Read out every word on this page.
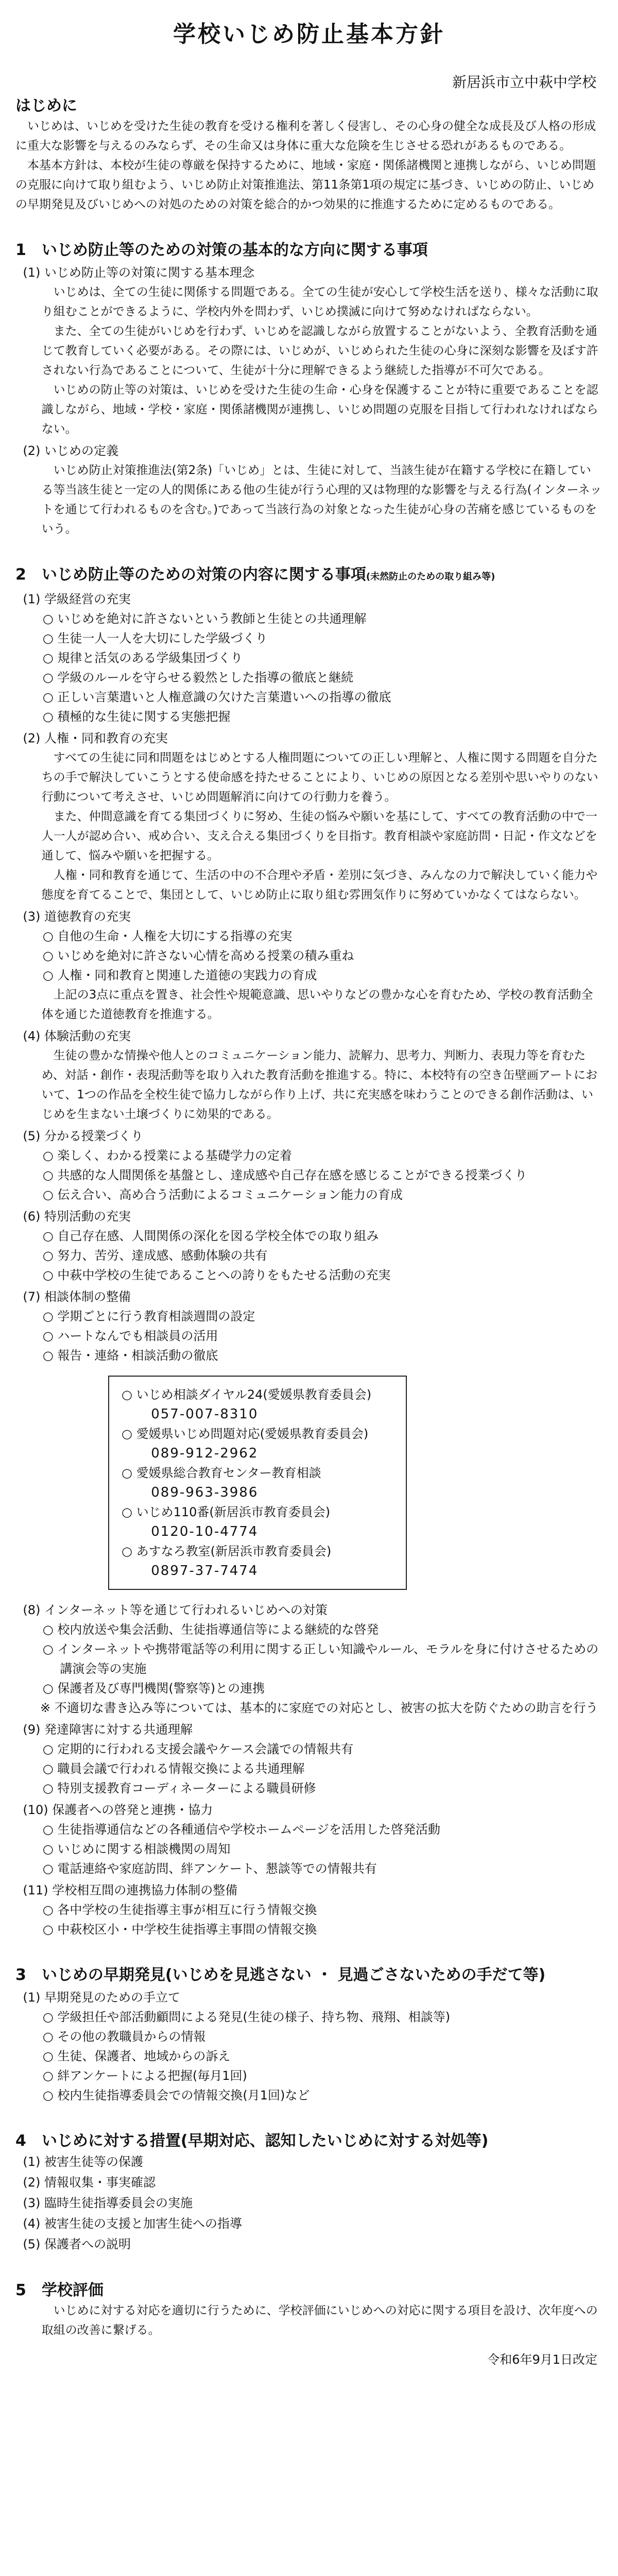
学校いじめ防止基本方針
新居浜市立中萩中学校
はじめに

いじめは、いじめを受けた生徒の教育を受ける権利を著しく侵害し、その心身の健全な成長及び人格の形成に重大な影響を与えるのみならず、その生命又は身体に重大な危険を生じさせる恐れがあるものである。

本基本方針は、本校が生徒の尊厳を保持するために、地域・家庭・関係諸機関と連携しながら、いじめ問題の克服に向けて取り組むよう、いじめ防止対策推進法、第11条第1項の規定に基づき、いじめの防止、いじめの早期発見及びいじめへの対処のための対策を総合的かつ効果的に推進するために定めるものである。

1　いじめ防止等のための対策の基本的な方向に関する事項
(1) いじめ防止等の対策に関する基本理念

いじめは、全ての生徒に関係する問題である。全ての生徒が安心して学校生活を送り、様々な活動に取り組むことができるように、学校内外を問わず、いじめ撲滅に向けて努めなければならない。

また、全ての生徒がいじめを行わず、いじめを認識しながら放置することがないよう、全教育活動を通じて教育していく必要がある。その際には、いじめが、いじめられた生徒の心身に深刻な影響を及ぼす許されない行為であることについて、生徒が十分に理解できるよう継続した指導が不可欠である。

いじめの防止等の対策は、いじめを受けた生徒の生命・心身を保護することが特に重要であることを認識しながら、地域・学校・家庭・関係諸機関が連携し、いじめ問題の克服を目指して行われなければならない。

(2) いじめの定義

いじめ防止対策推進法(第2条)「いじめ」とは、生徒に対して、当該生徒が在籍する学校に在籍している等当該生徒と一定の人的関係にある他の生徒が行う心理的又は物理的な影響を与える行為(インターネットを通じて行われるものを含む。)であって当該行為の対象となった生徒が心身の苦痛を感じているものをいう。

2　いじめ防止等のための対策の内容に関する事項(未然防止のための取り組み等)
(1) 学級経営の充実
○ いじめを絶対に許さないという教師と生徒との共通理解
○ 生徒一人一人を大切にした学級づくり
○ 規律と活気のある学級集団づくり
○ 学級のルールを守らせる毅然とした指導の徹底と継続
○ 正しい言葉遣いと人権意識の欠けた言葉遣いへの指導の徹底
○ 積極的な生徒に関する実態把握
(2) 人権・同和教育の充実

すべての生徒に同和問題をはじめとする人権問題についての正しい理解と、人権に関する問題を自分たちの手で解決していこうとする使命感を持たせることにより、いじめの原因となる差別や思いやりのない行動について考えさせ、いじめ問題解消に向けての行動力を養う。

また、仲間意識を育てる集団づくりに努め、生徒の悩みや願いを基にして、すべての教育活動の中で一人一人が認め合い、戒め合い、支え合える集団づくりを目指す。教育相談や家庭訪問・日記・作文などを通して、悩みや願いを把握する。

人権・同和教育を通じて、生活の中の不合理や矛盾・差別に気づき、みんなの力で解決していく能力や態度を育てることで、集団として、いじめ防止に取り組む雰囲気作りに努めていかなくてはならない。

(3) 道徳教育の充実
○ 自他の生命・人権を大切にする指導の充実
○ いじめを絶対に許さない心情を高める授業の積み重ね
○ 人権・同和教育と関連した道徳の実践力の育成

上記の3点に重点を置き、社会性や規範意識、思いやりなどの豊かな心を育むため、学校の教育活動全体を通じた道徳教育を推進する。

(4) 体験活動の充実

生徒の豊かな情操や他人とのコミュニケーション能力、読解力、思考力、判断力、表現力等を育むため、対話・創作・表現活動等を取り入れた教育活動を推進する。特に、本校特有の空き缶壁画アートにおいて、1つの作品を全校生徒で協力しながら作り上げ、共に充実感を味わうことのできる創作活動は、いじめを生まない土壌づくりに効果的である。

(5) 分かる授業づくり
○ 楽しく、わかる授業による基礎学力の定着
○ 共感的な人間関係を基盤とし、達成感や自己存在感を感じることができる授業づくり
○ 伝え合い、高め合う活動によるコミュニケーション能力の育成
(6) 特別活動の充実
○ 自己存在感、人間関係の深化を図る学校全体での取り組み
○ 努力、苦労、達成感、感動体験の共有
○ 中萩中学校の生徒であることへの誇りをもたせる活動の充実
(7) 相談体制の整備
○ 学期ごとに行う教育相談週間の設定
○ ハートなんでも相談員の活用
○ 報告・連絡・相談活動の徹底
○ いじめ相談ダイヤル24(愛媛県教育委員会)
057-007-8310
○ 愛媛県いじめ問題対応(愛媛県教育委員会)
089-912-2962
○ 愛媛県総合教育センター教育相談
089-963-3986
○ いじめ110番(新居浜市教育委員会)
0120-10-4774
○ あすなろ教室(新居浜市教育委員会)
0897-37-7474
(8) インターネット等を通じて行われるいじめへの対策
○ 校内放送や集会活動、生徒指導通信等による継続的な啓発
○ インターネットや携帯電話等の利用に関する正しい知識やルール、モラルを身に付けさせるための講演会等の実施
○ 保護者及び専門機関(警察等)との連携
※ 不適切な書き込み等については、基本的に家庭での対応とし、被害の拡大を防ぐための助言を行う
(9) 発達障害に対する共通理解
○ 定期的に行われる支援会議やケース会議での情報共有
○ 職員会議で行われる情報交換による共通理解
○ 特別支援教育コーディネーターによる職員研修
(10) 保護者への啓発と連携・協力
○ 生徒指導通信などの各種通信や学校ホームページを活用した啓発活動
○ いじめに関する相談機関の周知
○ 電話連絡や家庭訪問、絆アンケート、懇談等での情報共有
(11) 学校相互間の連携協力体制の整備
○ 各中学校の生徒指導主事が相互に行う情報交換
○ 中萩校区小・中学校生徒指導主事間の情報交換
3　いじめの早期発見(いじめを見逃さない ・ 見過ごさないための手だて等)
(1) 早期発見のための手立て
○ 学級担任や部活動顧問による発見(生徒の様子、持ち物、飛翔、相談等)
○ その他の教職員からの情報
○ 生徒、保護者、地域からの訴え
○ 絆アンケートによる把握(毎月1回)
○ 校内生徒指導委員会での情報交換(月1回)など
4　いじめに対する措置(早期対応、認知したいじめに対する対処等)
(1) 被害生徒等の保護
(2) 情報収集・事実確認
(3) 臨時生徒指導委員会の実施
(4) 被害生徒の支援と加害生徒への指導
(5) 保護者への説明
5　学校評価

いじめに対する対応を適切に行うために、学校評価にいじめへの対応に関する項目を設け、次年度への取組の改善に繋げる。

令和6年9月1日改定
